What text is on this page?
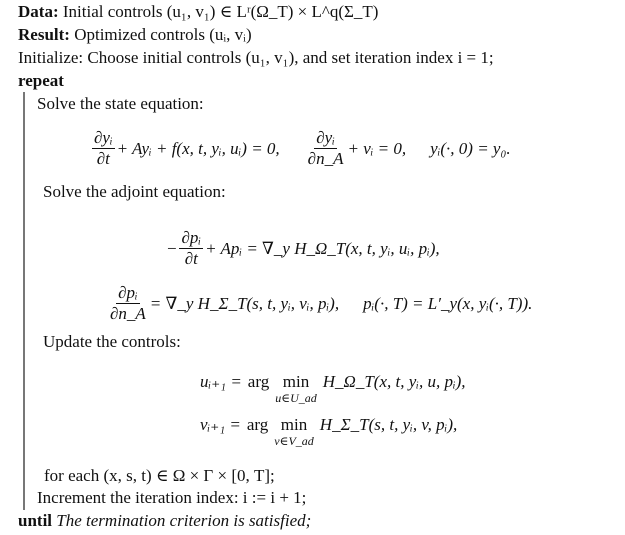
Data: Initial controls (u₁, v₁) ∈ Lʳ(Ω_T) × L^q(Σ_T)
Result: Optimized controls (uᵢ, vᵢ)
Initialize: Choose initial controls (u₁, v₁), and set iteration index i = 1;
repeat
Solve the state equation:
$\frac{\text{∂yᵢ}}{\partial t}$ + Ayᵢ + f(x, t, yᵢ, uᵢ) = 0, $\frac{\text{∂yᵢ}}{\partial n\_A}$ + vᵢ = 0, yᵢ(·, 0) = y₀.
Solve the adjoint equation:
− $\frac{\text{∂pᵢ}}{\partial t}$ + Apᵢ = ∇_y H_Ω_T(x, t, yᵢ, uᵢ, pᵢ),
$\frac{\text{∂pᵢ}}{\partial n\_A}$ = ∇_y H_Σ_T(s, t, yᵢ, vᵢ, pᵢ), pᵢ(·, T) = L′_y(x, yᵢ(·, T)).
Update the controls:
uᵢ₊₁ = arg min
u∈U_ad
H_Ω_T(x, t, yᵢ, u, pᵢ),
vᵢ₊₁ = arg min
v∈V_ad
H_Σ_T(s, t, yᵢ, v, pᵢ),
for each (x, s, t) ∈ Ω × Γ × [0, T];
Increment the iteration index: i := i + 1;
until The termination criterion is satisfied;
